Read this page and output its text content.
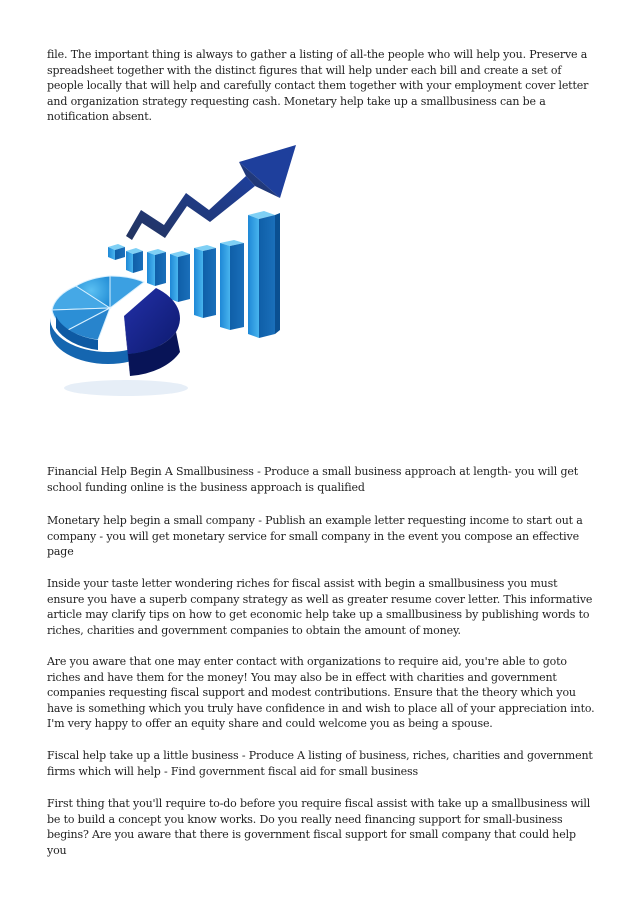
file. The important thing is always to gather a listing of all-the people who will help you. Preserve a spreadsheet together with the distinct figures that will help under each bill and create a set of people locally that will help and carefully contact them together with your employment cover letter and organization strategy requesting cash. Monetary help take up a smallbusiness can be a notification absent.

Financial Help Begin A Smallbusiness - Produce a small business approach at length- you will get school funding online is the business approach is qualified

Monetary help begin a small company - Publish an example letter requesting income to start out a company - you will get monetary service for small company in the event you compose an effective page

Inside your taste letter wondering riches for fiscal assist with begin a smallbusiness you must ensure you have a superb company strategy as well as greater resume cover letter. This informative article may clarify tips on how to get economic help take up a smallbusiness by publishing words to riches, charities and government companies to obtain the amount of money.

Are you aware that one may enter contact with organizations to require aid, you're able to goto riches and have them for the money! You may also be in effect with charities and government companies requesting fiscal support and modest contributions. Ensure that the theory which you have is something which you truly have confidence in and wish to place all of your appreciation into. I'm very happy to offer an equity share and could welcome you as being a spouse.

Fiscal help take up a little business - Produce A listing of business, riches, charities and government firms which will help - Find government fiscal aid for small business

First thing that you'll require to-do before you require fiscal assist with take up a smallbusiness will be to build a concept you know works. Do you really need financing support for small-business begins? Are you aware that there is government fiscal support for small company that could help you
